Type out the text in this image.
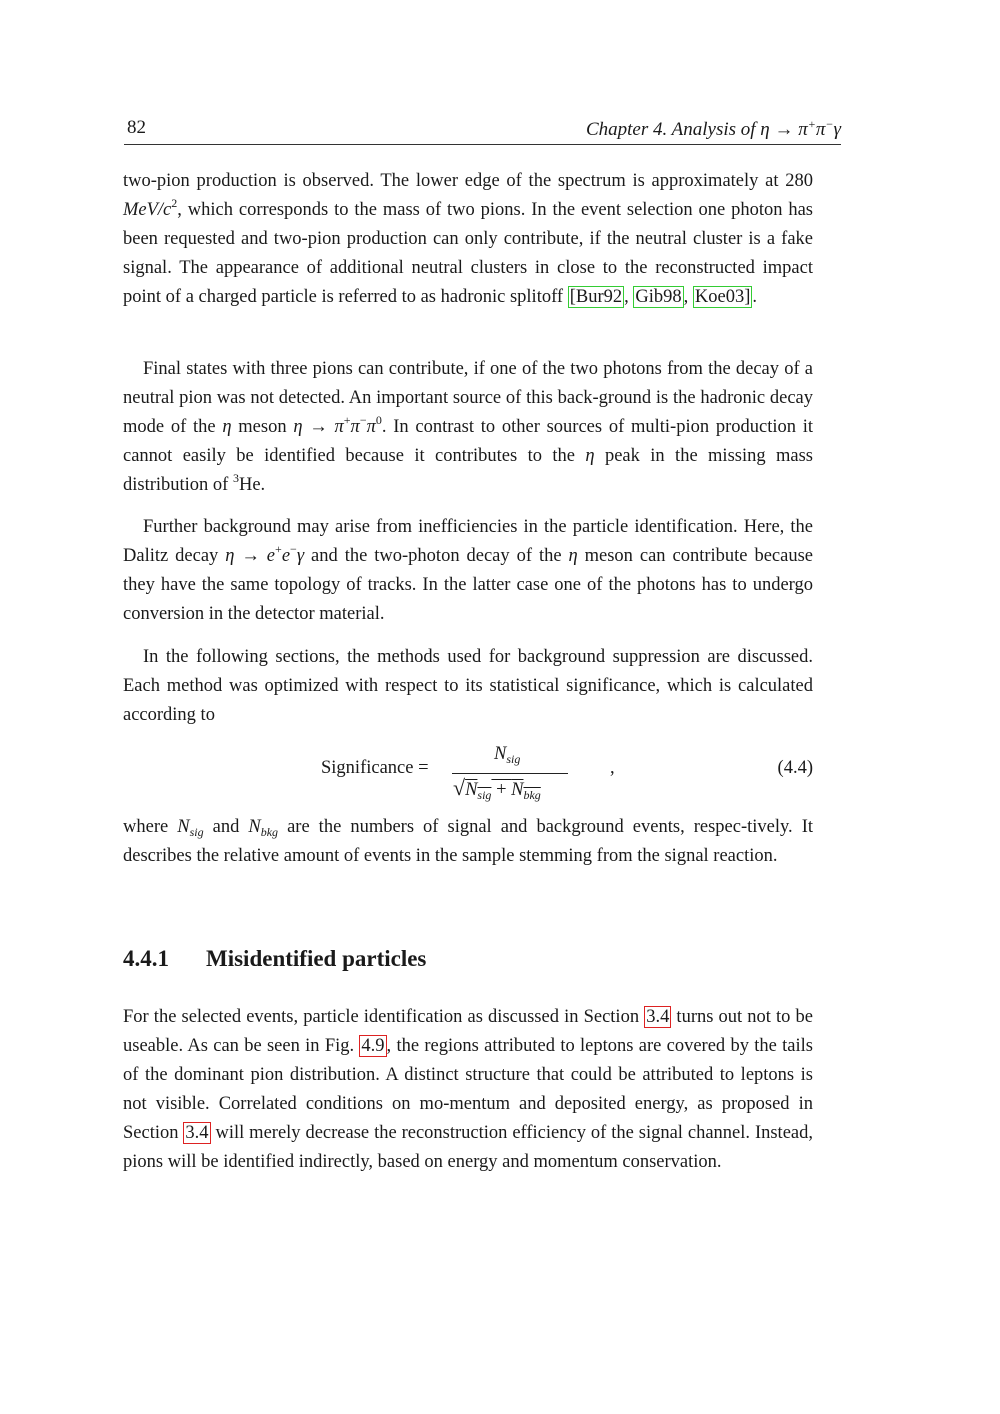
82	Chapter 4. Analysis of η → π+π−γ

two-pion production is observed. The lower edge of the spectrum is approximately at 280 MeV/$c^2$, which corresponds to the mass of two pions. In the event selection one photon has been requested and two-pion production can only contribute, if the neutral cluster is a fake signal. The appearance of additional neutral clusters in close to the reconstructed impact point of a charged particle is referred to as hadronic splitoff [Bur92 , Gib98 , Koe03] .

Final states with three pions can contribute, if one of the two photons from the decay of a neutral pion was not detected. An important source of this back-ground is the hadronic decay mode of the η meson $\eta \to \pi^+\pi^-\pi^0$. In contrast to other sources of multi-pion production it cannot easily be identified because it contributes to the η peak in the missing mass distribution of $^3$He.

Further background may arise from inefficiencies in the particle identification. Here, the Dalitz decay η → e+e−γ and the two-photon decay of the η meson can contribute because they have the same topology of tracks. In the latter case one of the photons has to undergo conversion in the detector material.

In the following sections, the methods used for background suppression are discussed. Each method was optimized with respect to its statistical significance, which is calculated according to

Significance =
$N_{sig}$
$√N_{sig} + N_{bkg}$
,	(4.4)

where $N_{sig}$ and $N_{bkg}$ are the numbers of signal and background events, respec-tively. It describes the relative amount of events in the sample stemming from the signal reaction.

4.4.1 Misidentified particles

For the selected events, particle identification as discussed in Section 3.4 turns out not to be useable. As can be seen in Fig. 4.9 , the regions attributed to leptons are covered by the tails of the dominant pion distribution. A distinct structure that could be attributed to leptons is not visible. Correlated conditions on mo-mentum and deposited energy, as proposed in Section 3.4 will merely decrease the reconstruction efficiency of the signal channel. Instead, pions will be identified indirectly, based on energy and momentum conservation.
